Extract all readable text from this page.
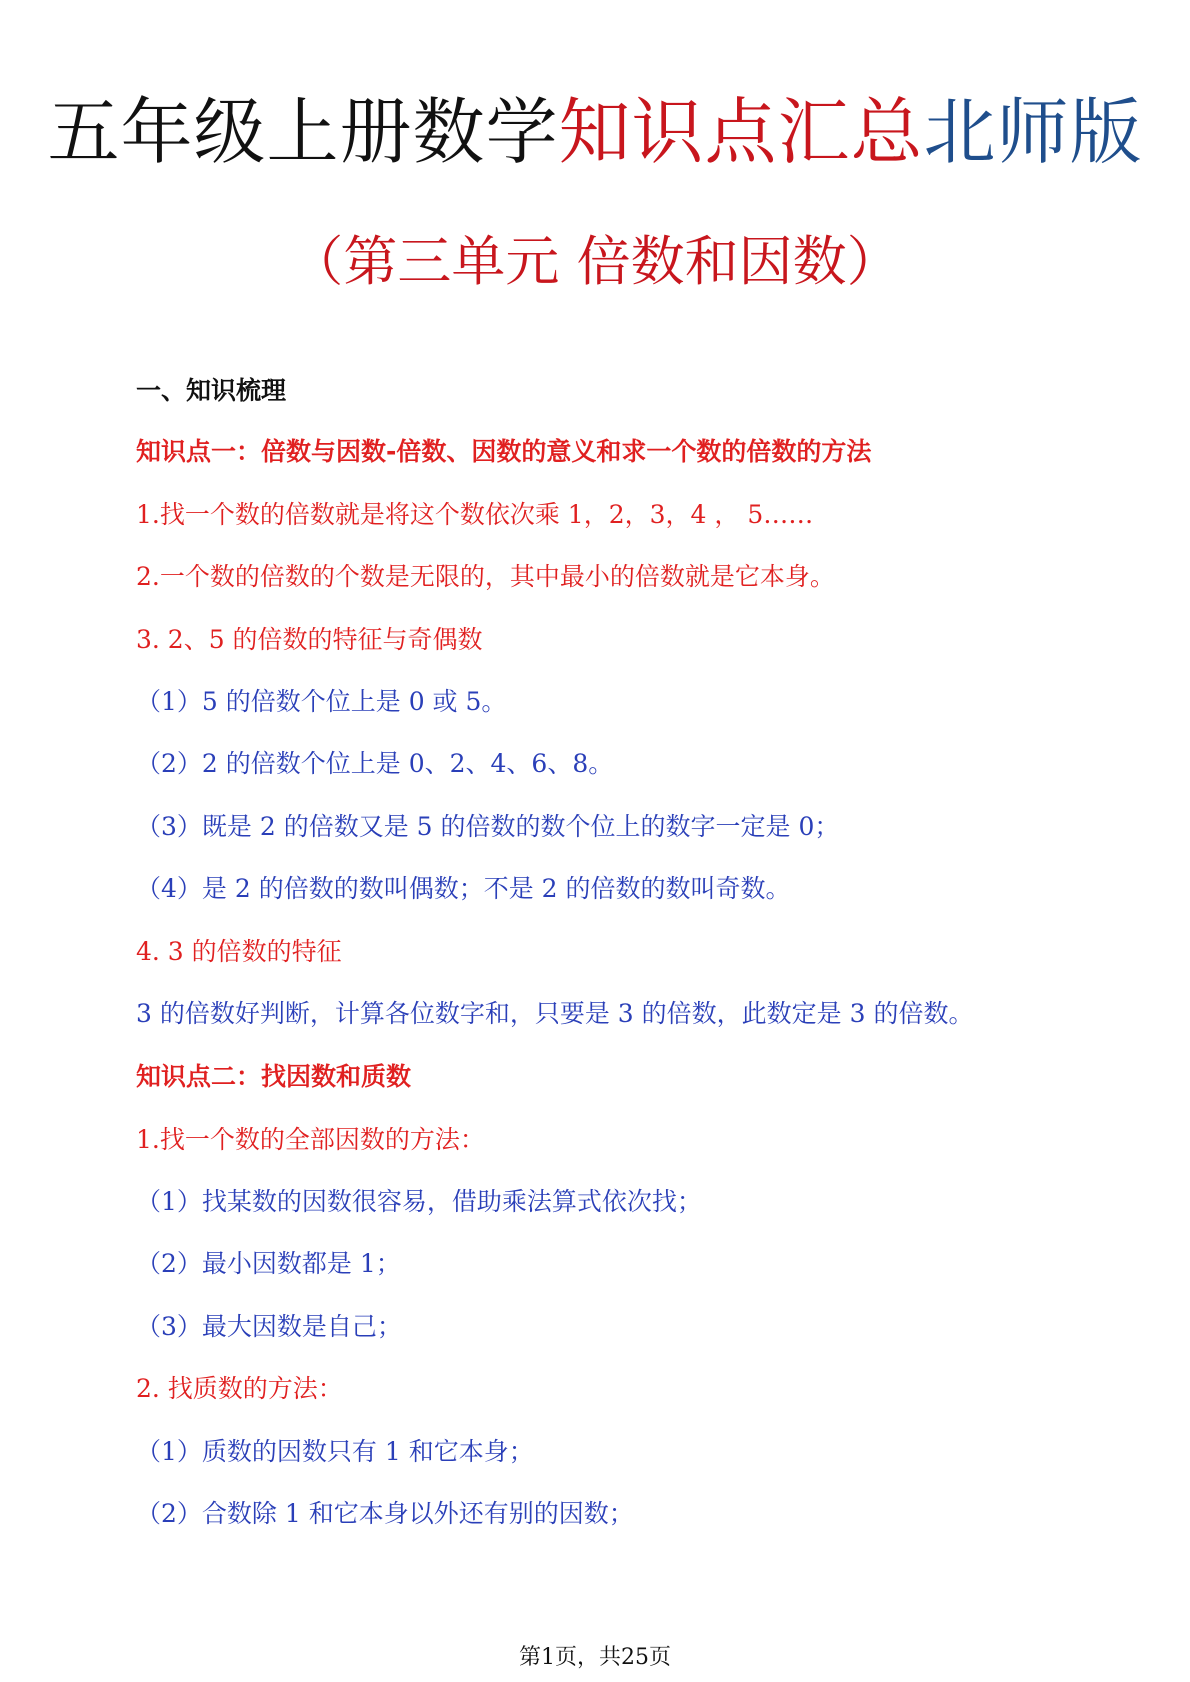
五年级上册数学知识点汇总北师版
（第三单元 倍数和因数）
一、知识梳理
知识点一：倍数与因数-倍数、因数的意义和求一个数的倍数的方法
1.找一个数的倍数就是将这个数依次乘 1，2，3，4 ， 5……
2.一个数的倍数的个数是无限的，其中最小的倍数就是它本身。
3. 2、5 的倍数的特征与奇偶数
（1）5 的倍数个位上是 0 或 5。
（2）2 的倍数个位上是 0、2、4、6、8。
（3）既是 2 的倍数又是 5 的倍数的数个位上的数字一定是 0；
（4）是 2 的倍数的数叫偶数；不是 2 的倍数的数叫奇数。
4. 3 的倍数的特征
3 的倍数好判断，计算各位数字和，只要是 3 的倍数，此数定是 3 的倍数。
知识点二：找因数和质数
1.找一个数的全部因数的方法：
（1）找某数的因数很容易，借助乘法算式依次找；
（2）最小因数都是 1；
（3）最大因数是自己；
2. 找质数的方法：
（1）质数的因数只有 1 和它本身；
（2）合数除 1 和它本身以外还有别的因数；
第1页，共25页
